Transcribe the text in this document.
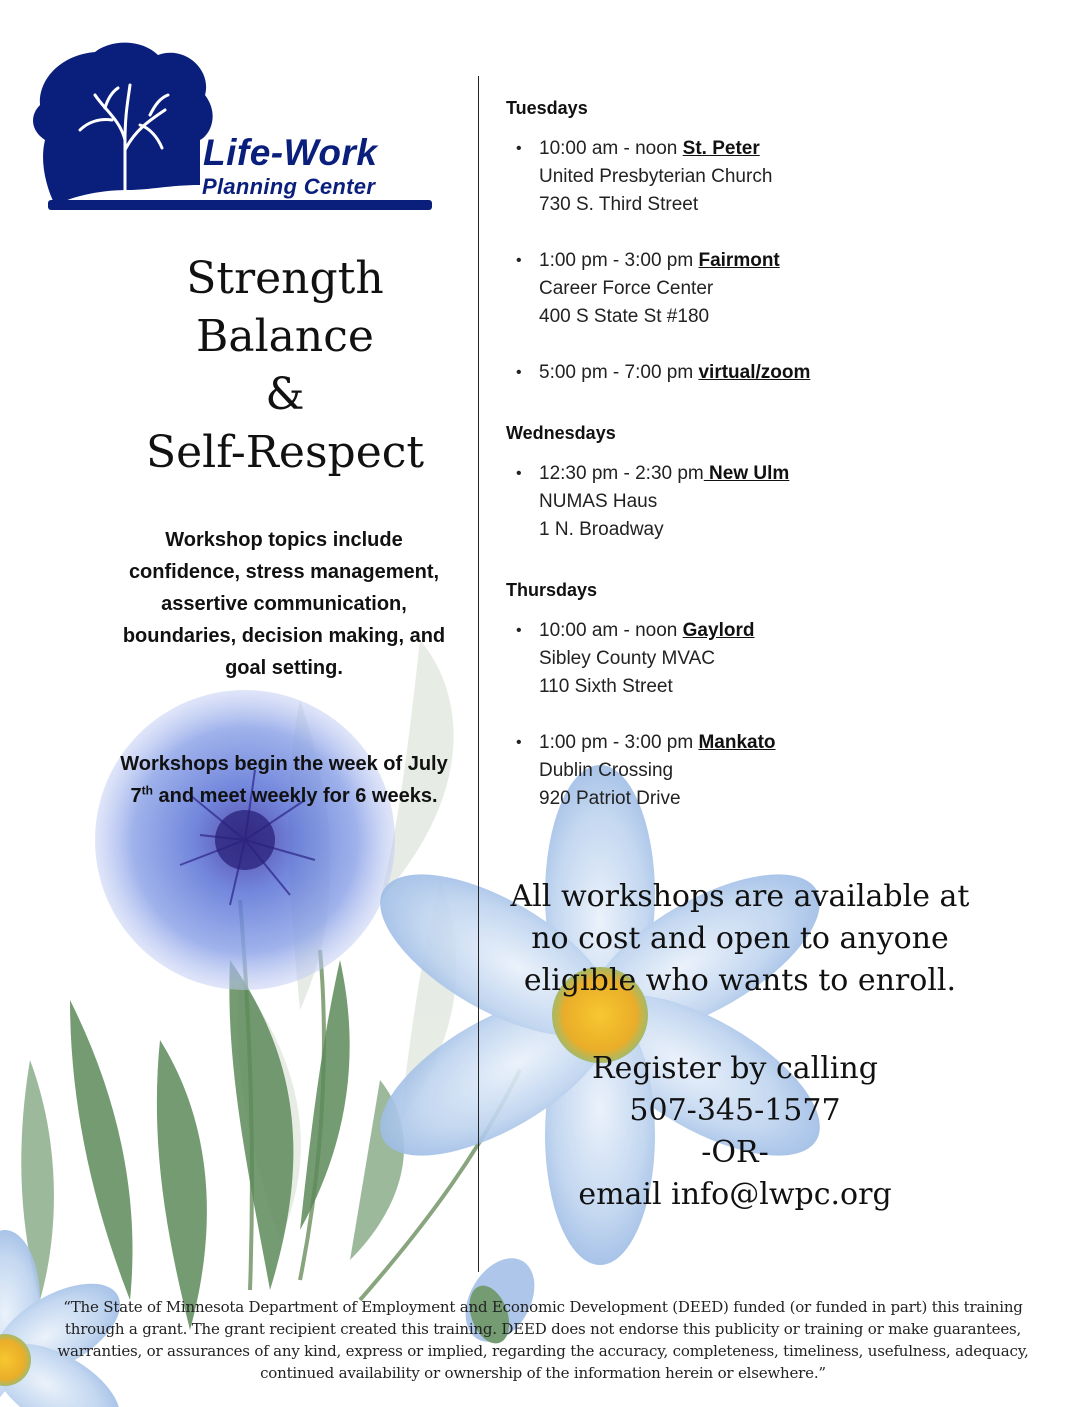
Life-Work
Planning Center
Strength
Balance
&
Self-Respect
Workshop topics include confidence, stress management, assertive communication, boundaries, decision making, and goal setting.
Workshops begin the week of July 7th and meet weekly for 6 weeks.
Tuesdays
• 10:00 am - noon St. Peter
United Presbyterian Church
730 S. Third Street
• 1:00 pm - 3:00 pm Fairmont
Career Force Center
400 S State St #180
• 5:00 pm - 7:00 pm virtual/zoom
Wednesdays
• 12:30 pm - 2:30 pm New Ulm
NUMAS Haus
1 N. Broadway
Thursdays
• 10:00 am - noon Gaylord
Sibley County MVAC
110 Sixth Street
• 1:00 pm - 3:00 pm Mankato
Dublin Crossing
920 Patriot Drive
All workshops are available at
no cost and open to anyone
eligible who wants to enroll.
Register by calling
507-345-1577
-OR-
email info@lwpc.org
“The State of Minnesota Department of Employment and Economic Development (DEED) funded (or funded in part) this training through a grant. The grant recipient created this training. DEED does not endorse this publicity or training or make guarantees, warranties, or assurances of any kind, express or implied, regarding the accuracy, completeness, timeliness, usefulness, adequacy, continued availability or ownership of the information herein or elsewhere.”
